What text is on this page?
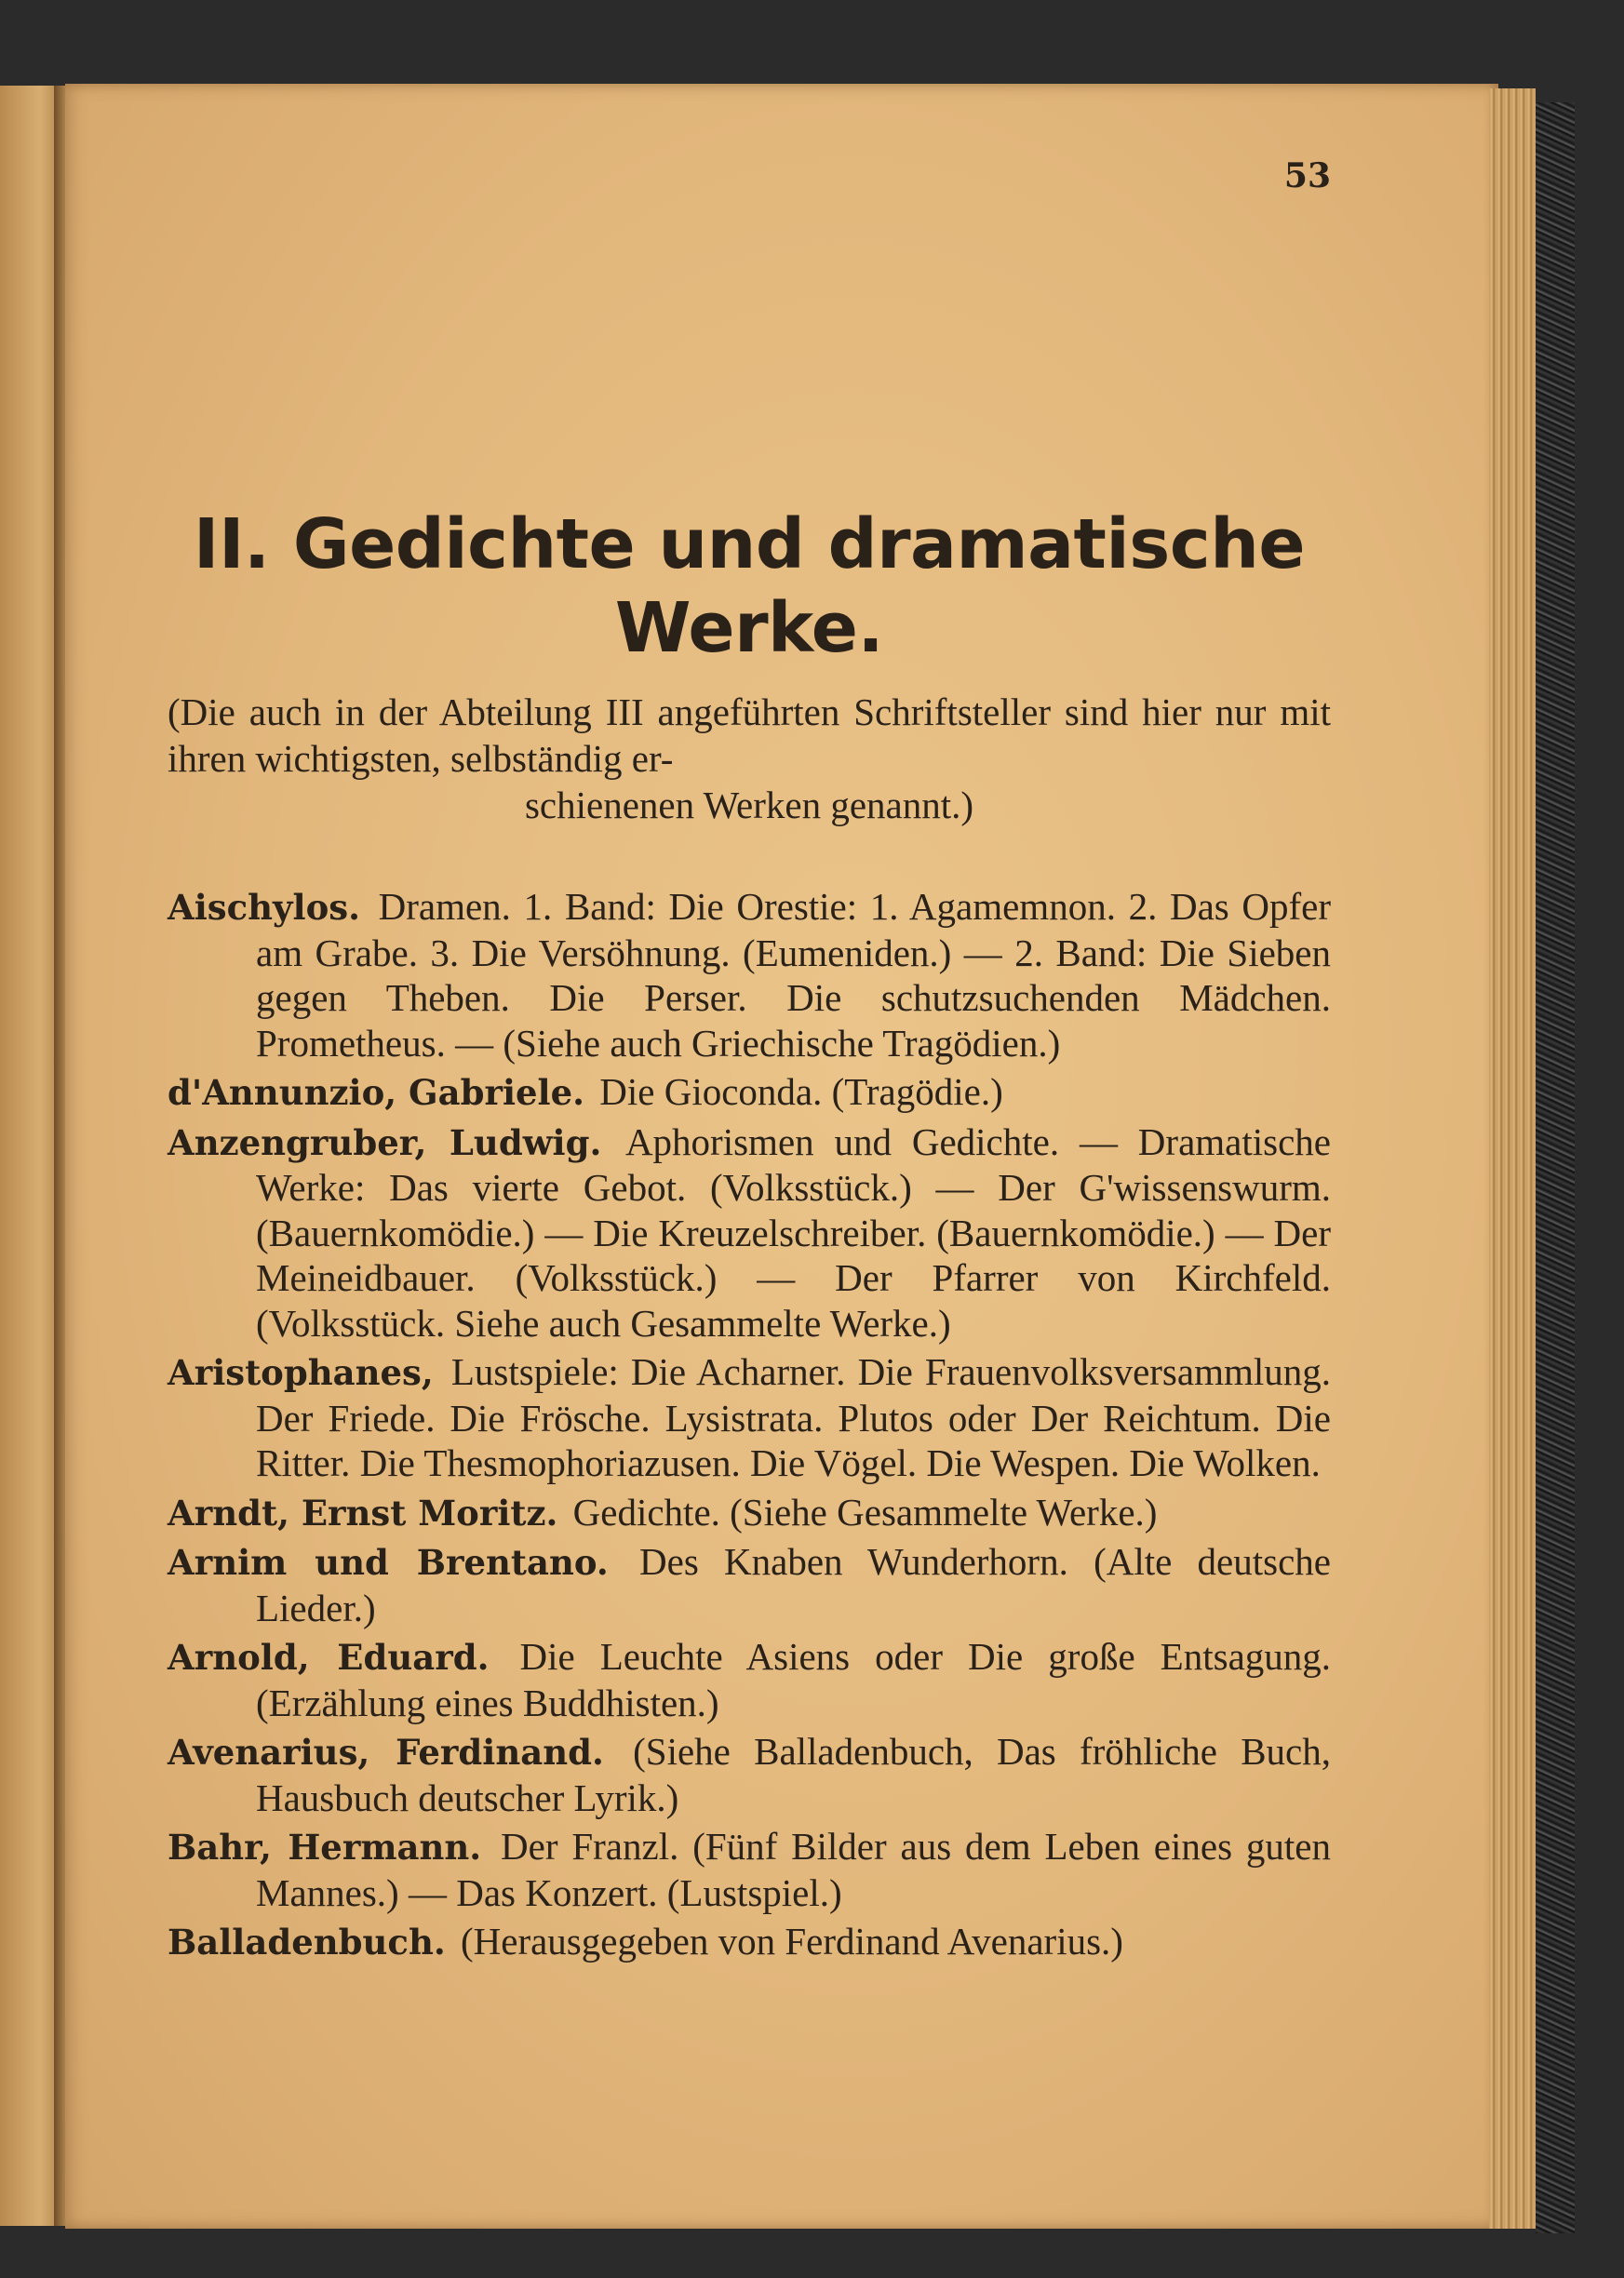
53
II. Gedichte und dramatische
Werke.
(Die auch in der Abteilung III angeführten Schriftsteller sind hier nur mit ihren wichtigsten, selbständig er-
schienenen Werken genannt.)

Aischylos. Dramen. 1. Band: Die Orestie: 1. Agamemnon. 2. Das Opfer am Grabe. 3. Die Versöhnung. (Eumeniden.) — 2. Band: Die Sieben gegen Theben. Die Perser. Die schutzsuchenden Mädchen. Prometheus. — (Siehe auch Griechische Tragödien.)

d'Annunzio, Gabriele. Die Gioconda. (Tragödie.)

Anzengruber, Ludwig. Aphorismen und Gedichte. — Dramatische Werke: Das vierte Gebot. (Volksstück.) — Der G'wissenswurm. (Bauernkomödie.) — Die Kreuzelschreiber. (Bauernkomödie.) — Der Meineidbauer. (Volksstück.) — Der Pfarrer von Kirchfeld. (Volksstück. Siehe auch Gesammelte Werke.)

Aristophanes, Lustspiele: Die Acharner. Die Frauenvolksversammlung. Der Friede. Die Frösche. Lysistrata. Plutos oder Der Reichtum. Die Ritter. Die Thesmophoriazusen. Die Vögel. Die Wespen. Die Wolken.

Arndt, Ernst Moritz. Gedichte. (Siehe Gesammelte Werke.)

Arnim und Brentano. Des Knaben Wunderhorn. (Alte deutsche Lieder.)

Arnold, Eduard. Die Leuchte Asiens oder Die große Entsagung. (Erzählung eines Buddhisten.)

Avenarius, Ferdinand. (Siehe Balladenbuch, Das fröhliche Buch, Hausbuch deutscher Lyrik.)

Bahr, Hermann. Der Franzl. (Fünf Bilder aus dem Leben eines guten Mannes.) — Das Konzert. (Lustspiel.)

Balladenbuch. (Herausgegeben von Ferdinand Avenarius.)
